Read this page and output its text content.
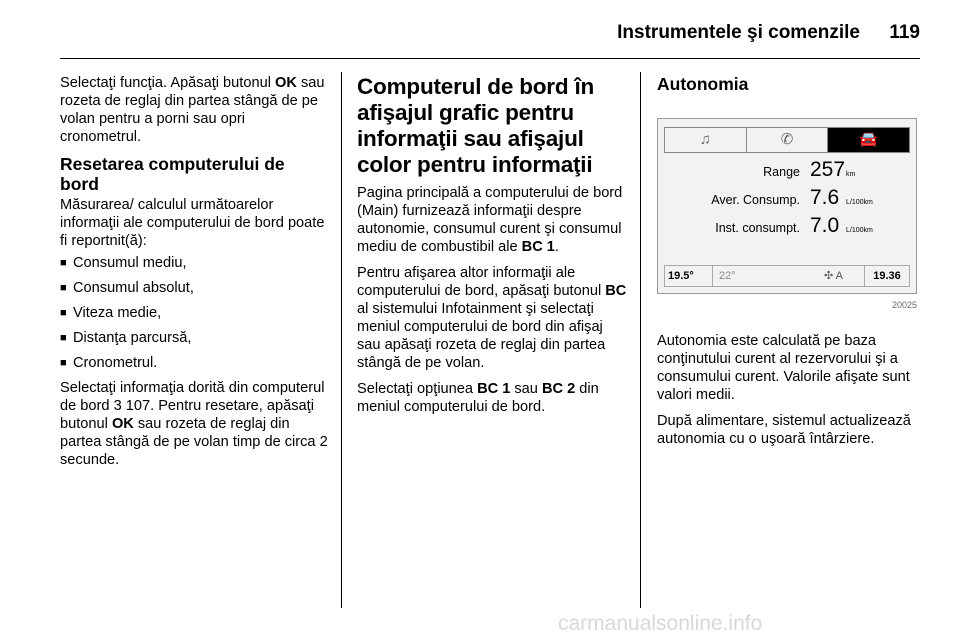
Instrumentele şi comenzile 119

Selectaţi funcţia. Apăsaţi butonul OK sau rozeta de reglaj din partea stângă de pe volan pentru a porni sau opri cronometrul.

Resetarea computerului de bord

Măsurarea/ calculul următoarelor informaţii ale computerului de bord poate fi reportnit(ă):

■ Consumul mediu,
■ Consumul absolut,
■ Viteza medie,
■ Distanţa parcursă,
■ Cronometrul.

Selectaţi informaţia dorită din computerul de bord 3 107. Pentru resetare, apăsaţi butonul OK sau rozeta de reglaj din partea stângă de pe volan timp de circa 2 secunde.

Computerul de bord în afişajul grafic pentru informaţii sau afişajul color pentru informaţii

Pagina principală a computerului de bord (Main) furnizează informaţii despre autonomie, consumul curent şi consumul mediu de combustibil ale BC 1.

Pentru afişarea altor informaţii ale computerului de bord, apăsaţi butonul BC al sistemului Infotainment şi selectaţi meniul computerului de bord din afişaj sau apăsaţi rozeta de reglaj din partea stângă de pe volan.

Selectaţi opţiunea BC 1 sau BC 2 din meniul computerului de bord.

Autonomia
♫	✆	🚘
Range 257 km
Aver. Consump. 7.6 L/100km
Inst. consumpt. 7.0 L/100km
19.5°	22°	✣ A	19.36
20025

Autonomia este calculată pe baza conţinutului curent al rezervorului şi a consumului curent. Valorile afişate sunt valori medii.

După alimentare, sistemul actualizează autonomia cu o uşoară întârziere.

carmanualsonline.info
